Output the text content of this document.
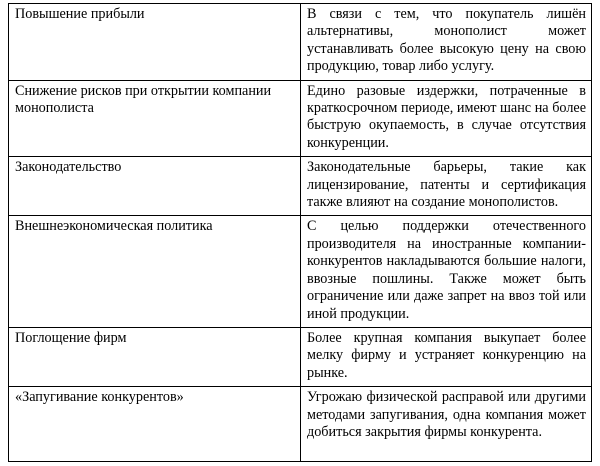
Повышение прибыли	В связи с тем, что покупатель лишён альтернативы, монополист может устанавливать более высокую цену на свою продукцию, товар либо услугу.
Снижение рисков при открытии компании монополиста	Едино разовые издержки, потраченные в краткосрочном периоде, имеют шанс на более быструю окупаемость, в случае отсутствия конкуренции.
Законодательство	Законодательные барьеры, такие как лицензирование, патенты и сертификация также влияют на создание монополистов.
Внешнеэкономическая политика	С целью поддержки отечественного производителя на иностранные компании-конкурентов накладываются большие налоги, ввозные пошлины. Также может быть ограничение или даже запрет на ввоз той или иной продукции.
Поглощение фирм	Более крупная компания выкупает более мелку фирму и устраняет конкуренцию на рынке.
«Запугивание конкурентов»	Угрожаю физической расправой или другими методами запугивания, одна компания может добиться закрытия фирмы конкурента.
